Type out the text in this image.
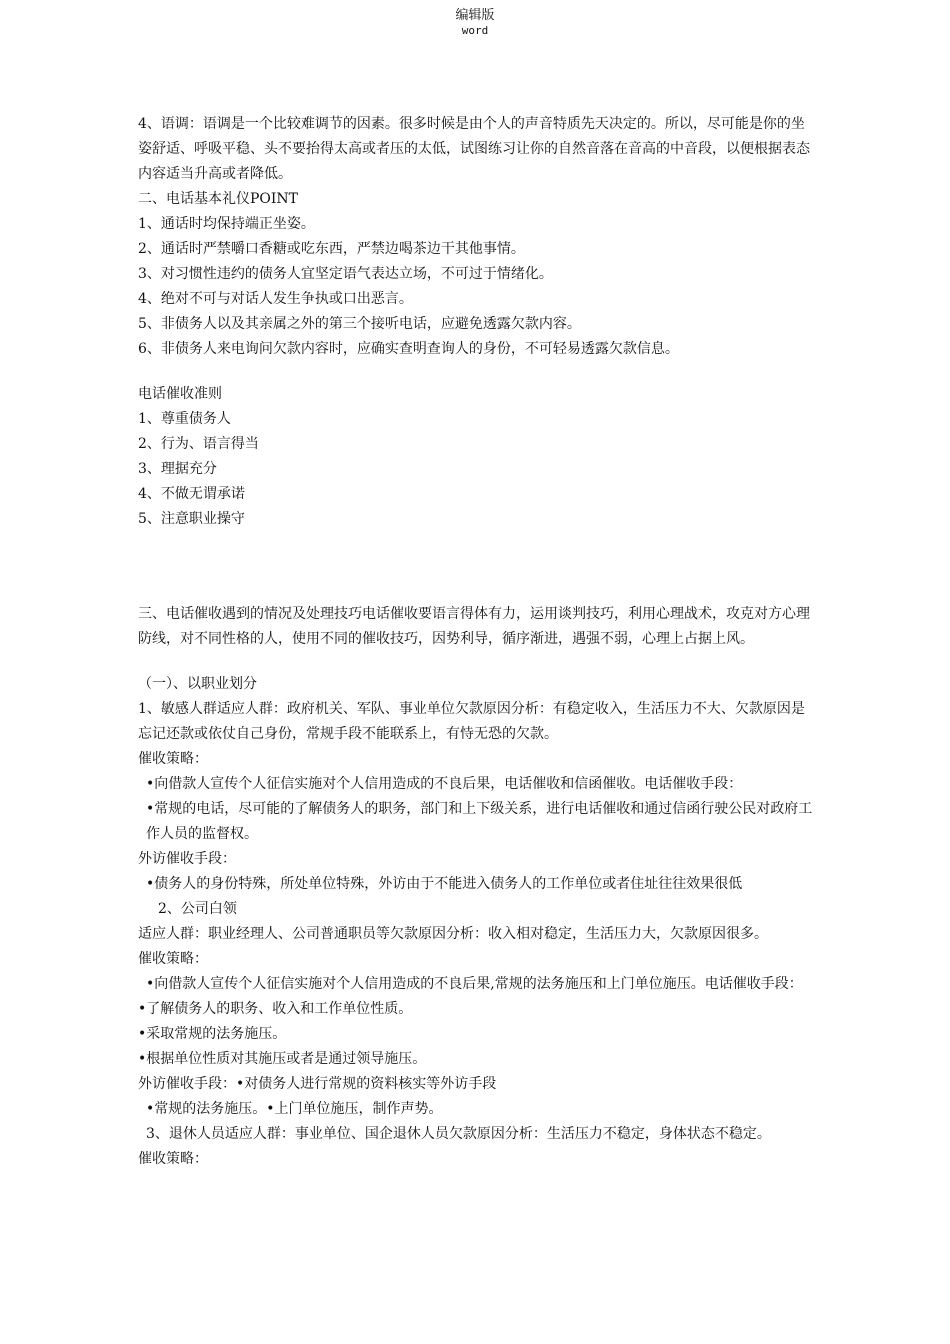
编辑版
word

4、语调：语调是一个比较难调节的因素。很多时候是由个人的声音特质先天决定的。所以，尽可能是你的坐姿舒适、呼吸平稳、头不要抬得太高或者压的太低，试图练习让你的自然音落在音高的中音段，以便根据表态内容适当升高或者降低。

二、电话基本礼仪POINT

1、通话时均保持端正坐姿。

2、通话时严禁嚼口香糖或吃东西，严禁边喝茶边干其他事情。

3、对习惯性违约的债务人宜坚定语气表达立场，不可过于情绪化。

4、绝对不可与对话人发生争执或口出恶言。

5、非债务人以及其亲属之外的第三个接听电话，应避免透露欠款内容。

6、非债务人来电询问欠款内容时，应确实查明查询人的身份，不可轻易透露欠款信息。

电话催收准则

1、尊重债务人

2、行为、语言得当

3、理据充分

4、不做无谓承诺

5、注意职业操守

三、电话催收遇到的情况及处理技巧电话催收要语言得体有力，运用谈判技巧，利用心理战术，攻克对方心理防线，对不同性格的人，使用不同的催收技巧，因势利导，循序渐进，遇强不弱，心理上占据上风。

（一）、以职业划分

1、敏感人群适应人群：政府机关、军队、事业单位欠款原因分析：有稳定收入，生活压力不大、欠款原因是忘记还款或依仗自己身份，常规手段不能联系上，有恃无恐的欠款。

催收策略：

•向借款人宣传个人征信实施对个人信用造成的不良后果，电话催收和信函催收。电话催收手段：

•常规的电话，尽可能的了解债务人的职务，部门和上下级关系，进行电话催收和通过信函行驶公民对政府工作人员的监督权。

外访催收手段：

•债务人的身份特殊，所处单位特殊，外访由于不能进入债务人的工作单位或者住址往往效果很低

2、公司白领

适应人群：职业经理人、公司普通职员等欠款原因分析：收入相对稳定，生活压力大，欠款原因很多。

催收策略：

•向借款人宣传个人征信实施对个人信用造成的不良后果,常规的法务施压和上门单位施压。电话催收手段：

•了解债务人的职务、收入和工作单位性质。

•采取常规的法务施压。

•根据单位性质对其施压或者是通过领导施压。

外访催收手段：•对债务人进行常规的资料核实等外访手段

•常规的法务施压。•上门单位施压，制作声势。

3、退休人员适应人群：事业单位、国企退休人员欠款原因分析：生活压力不稳定，身体状态不稳定。

催收策略：
